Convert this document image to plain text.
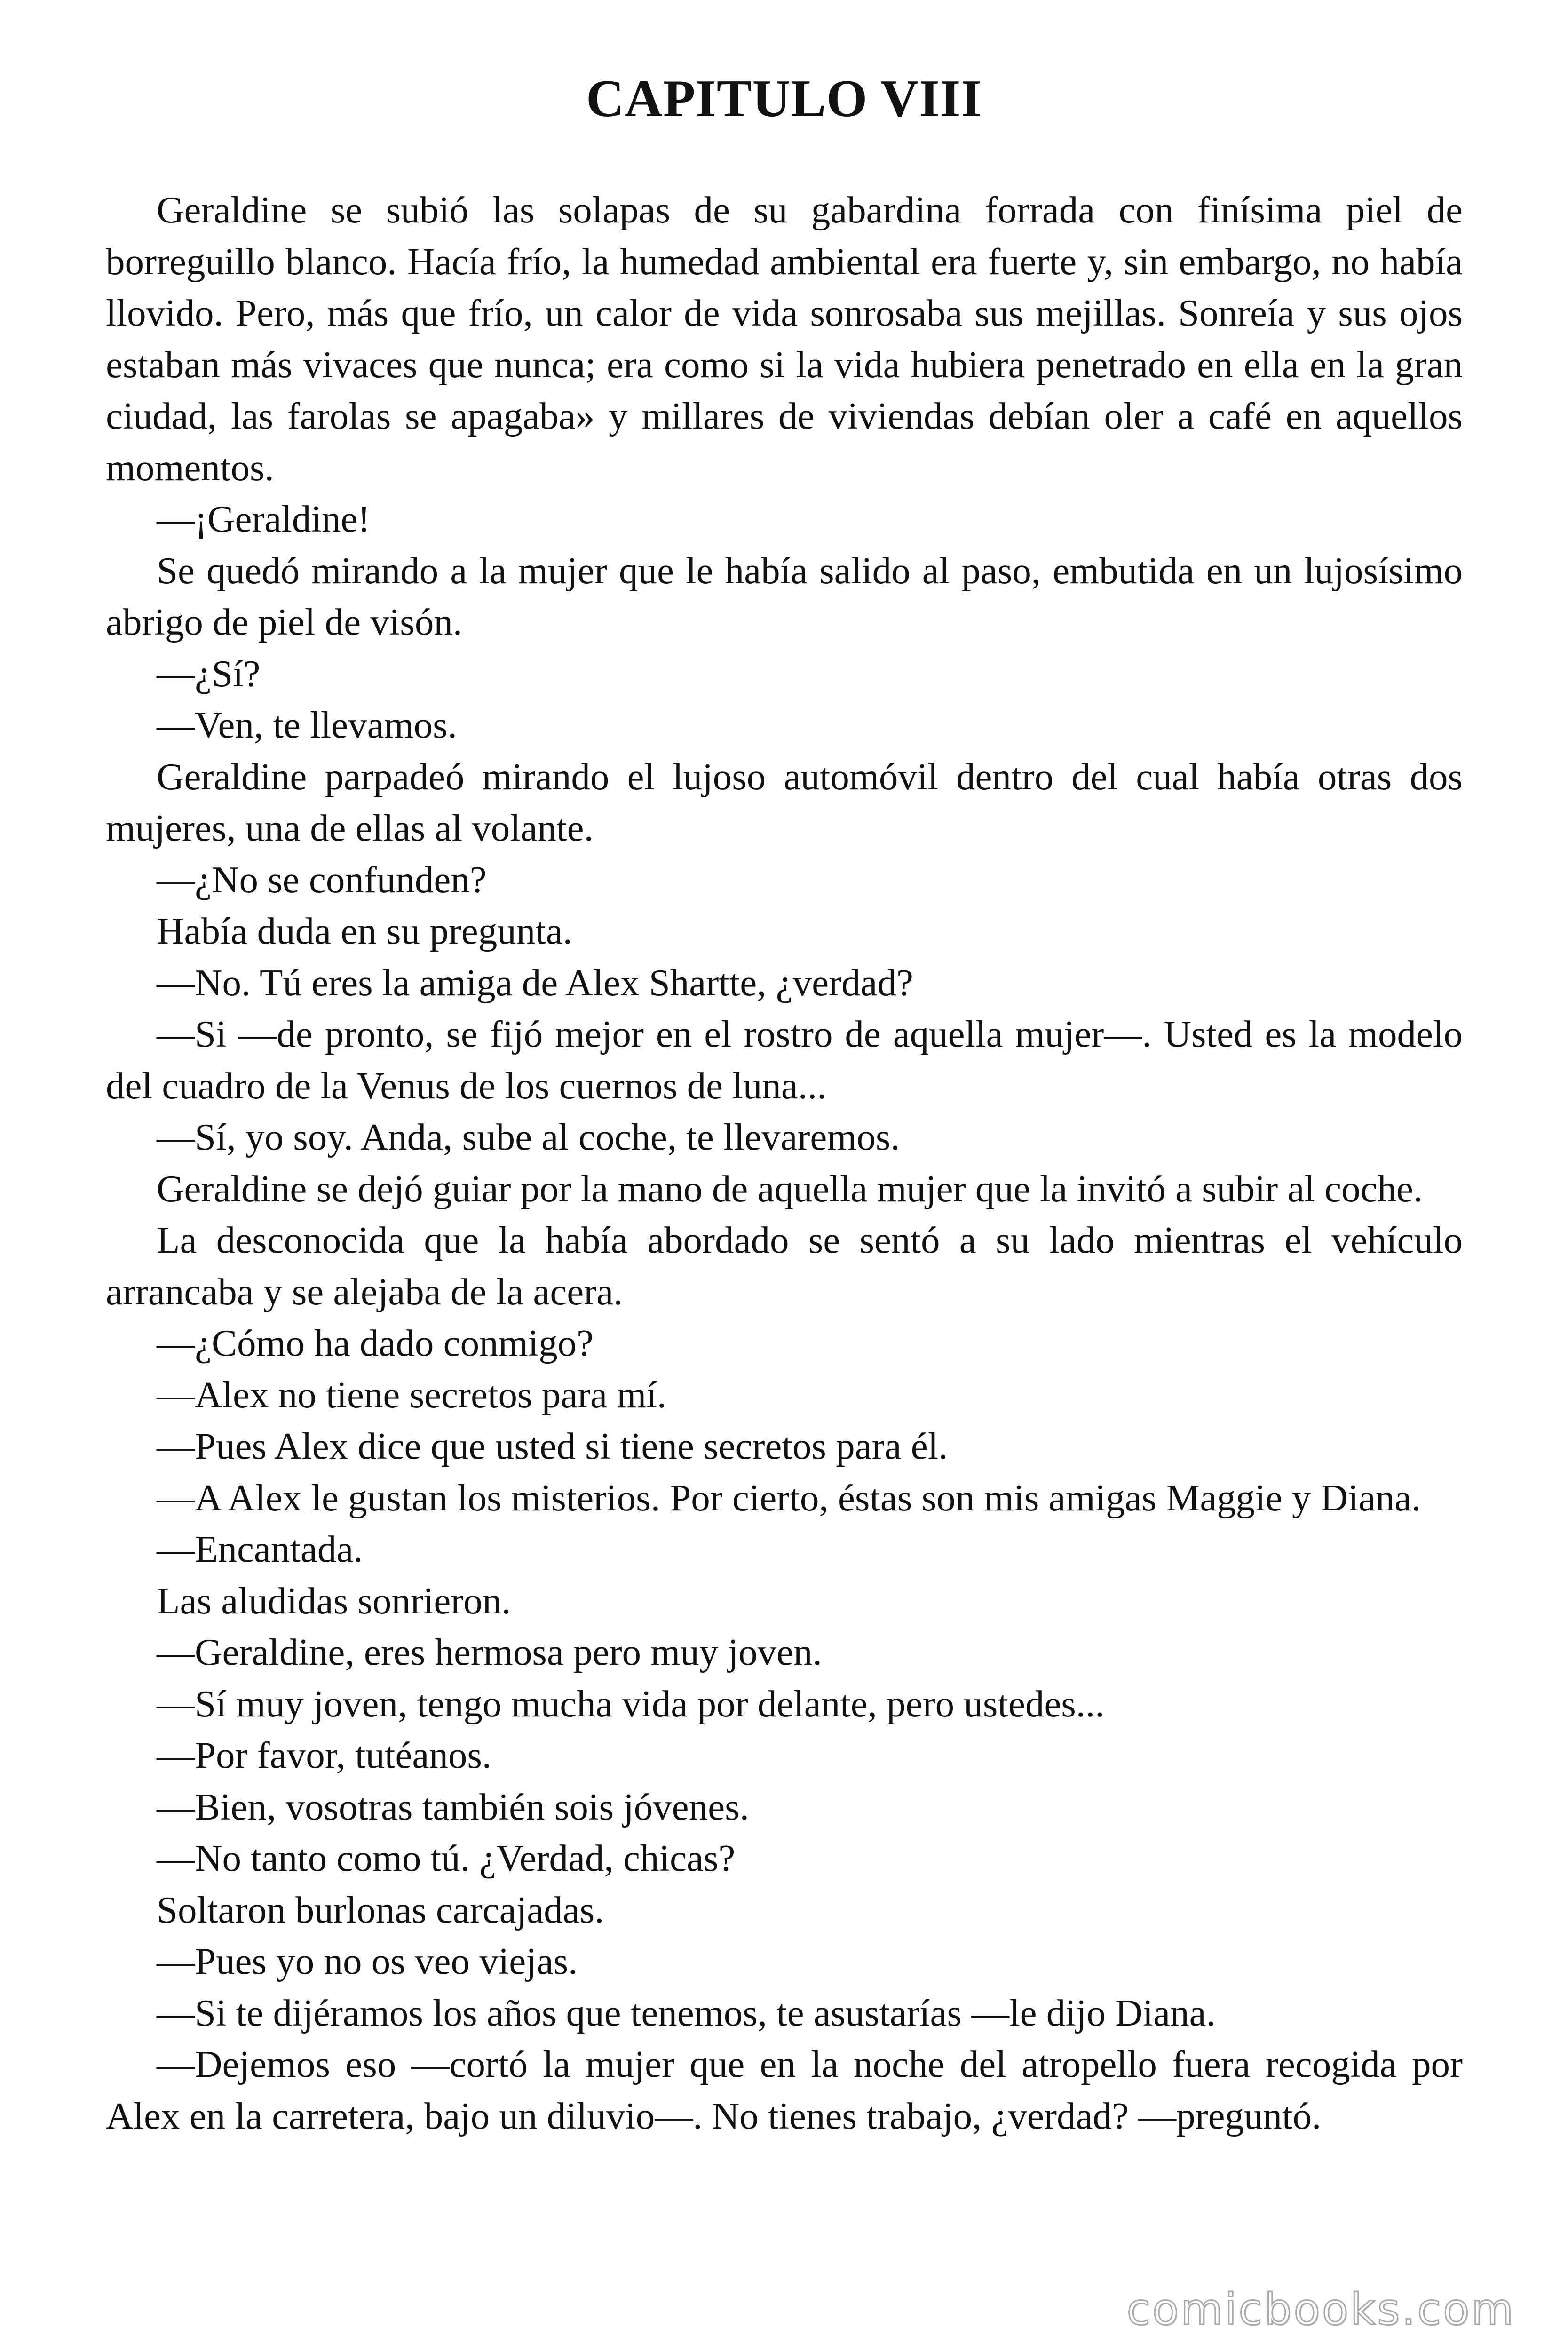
CAPITULO VIII

Geraldine se subió las solapas de su gabardina forrada con finísima piel de borreguillo blanco. Hacía frío, la humedad ambiental era fuerte y, sin embargo, no había llovido. Pero, más que frío, un calor de vida sonrosaba sus mejillas. Sonreía y sus ojos estaban más vivaces que nunca; era como si la vida hubiera penetrado en ella en la gran ciudad, las farolas se apagaba» y millares de viviendas debían oler a café en aquellos momentos.

—¡Geraldine!

Se quedó mirando a la mujer que le había salido al paso, embutida en un lujosísimo abrigo de piel de visón.

—¿Sí?

—Ven, te llevamos.

Geraldine parpadeó mirando el lujoso automóvil dentro del cual había otras dos mujeres, una de ellas al volante.

—¿No se confunden?

Había duda en su pregunta.

—No. Tú eres la amiga de Alex Shartte, ¿verdad?

—Si —de pronto, se fijó mejor en el rostro de aquella mujer—. Usted es la modelo del cuadro de la Venus de los cuernos de luna...

—Sí, yo soy. Anda, sube al coche, te llevaremos.

Geraldine se dejó guiar por la mano de aquella mujer que la invitó a subir al coche.

La desconocida que la había abordado se sentó a su lado mientras el vehículo arrancaba y se alejaba de la acera.

—¿Cómo ha dado conmigo?

—Alex no tiene secretos para mí.

—Pues Alex dice que usted si tiene secretos para él.

—A Alex le gustan los misterios. Por cierto, éstas son mis amigas Maggie y Diana.

—Encantada.

Las aludidas sonrieron.

—Geraldine, eres hermosa pero muy joven.

—Sí muy joven, tengo mucha vida por delante, pero ustedes...

—Por favor, tutéanos.

—Bien, vosotras también sois jóvenes.

—No tanto como tú. ¿Verdad, chicas?

Soltaron burlonas carcajadas.

—Pues yo no os veo viejas.

—Si te dijéramos los años que tenemos, te asustarías —le dijo Diana.

—Dejemos eso —cortó la mujer que en la noche del atropello fuera recogida por Alex en la carretera, bajo un diluvio—. No tienes trabajo, ¿verdad? —preguntó.

comicbooks.com
